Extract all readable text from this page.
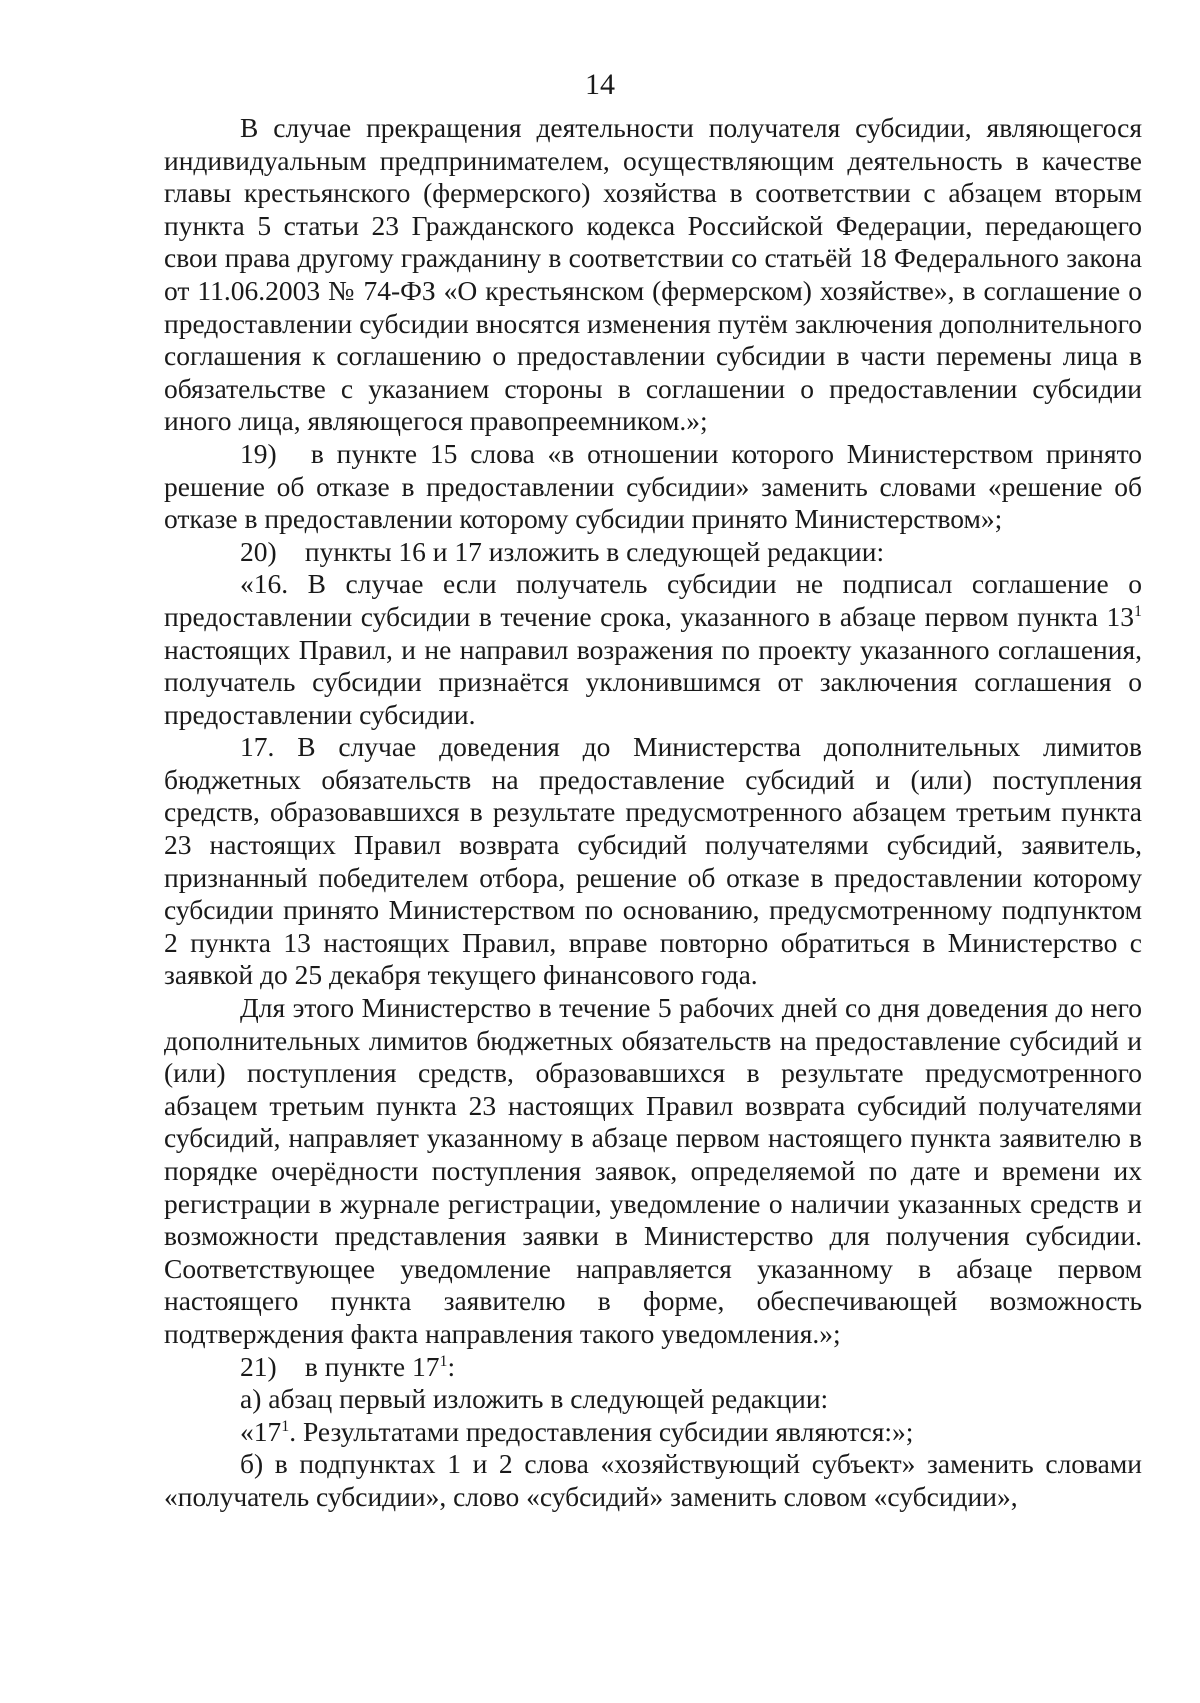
14

В случае прекращения деятельности получателя субсидии, являющегося индивидуальным предпринимателем, осуществляющим деятельность в качестве главы крестьянского (фермерского) хозяйства в соответствии с абзацем вторым пункта 5 статьи 23 Гражданского кодекса Российской Федерации, передающего свои права другому гражданину в соответствии со статьёй 18 Федерального закона от 11.06.2003 № 74-ФЗ «О крестьянском (фермерском) хозяйстве», в соглашение о предоставлении субсидии вносятся изменения путём заключения дополнительного соглашения к соглашению о предоставлении субсидии в части перемены лица в обязательстве с указанием стороны в соглашении о предоставлении субсидии иного лица, являющегося правопреемником.»;

19) в пункте 15 слова «в отношении которого Министерством принято решение об отказе в предоставлении субсидии» заменить словами «решение об отказе в предоставлении которому субсидии принято Министерством»;

20) пункты 16 и 17 изложить в следующей редакции:

«16. В случае если получатель субсидии не подписал соглашение о предоставлении субсидии в течение срока, указанного в абзаце первом пункта $13^1$ настоящих Правил, и не направил возражения по проекту указанного соглашения, получатель субсидии признаётся уклонившимся от заключения соглашения о предоставлении субсидии.

17. В случае доведения до Министерства дополнительных лимитов бюджетных обязательств на предоставление субсидий и (или) поступления средств, образовавшихся в результате предусмотренного абзацем третьим пункта 23 настоящих Правил возврата субсидий получателями субсидий, заявитель, признанный победителем отбора, решение об отказе в предоставлении которому субсидии принято Министерством по основанию, предусмотренному подпунктом 2 пункта 13 настоящих Правил, вправе повторно обратиться в Министерство с заявкой до 25 декабря текущего финансового года.

Для этого Министерство в течение 5 рабочих дней со дня доведения до него дополнительных лимитов бюджетных обязательств на предоставление субсидий и (или) поступления средств, образовавшихся в результате предусмотренного абзацем третьим пункта 23 настоящих Правил возврата субсидий получателями субсидий, направляет указанному в абзаце первом настоящего пункта заявителю в порядке очерёдности поступления заявок, определяемой по дате и времени их регистрации в журнале регистрации, уведомление о наличии указанных средств и возможности представления заявки в Министерство для получения субсидии. Соответствующее уведомление направляется указанному в абзаце первом настоящего пункта заявителю в форме, обеспечивающей возможность подтверждения факта направления такого уведомления.»;

21) в пункте $17^1$:

а) абзац первый изложить в следующей редакции:

«$17^1$. Результатами предоставления субсидии являются:»;

б) в подпунктах 1 и 2 слова «хозяйствующий субъект» заменить словами «получатель субсидии», слово «субсидий» заменить словом «субсидии»,
